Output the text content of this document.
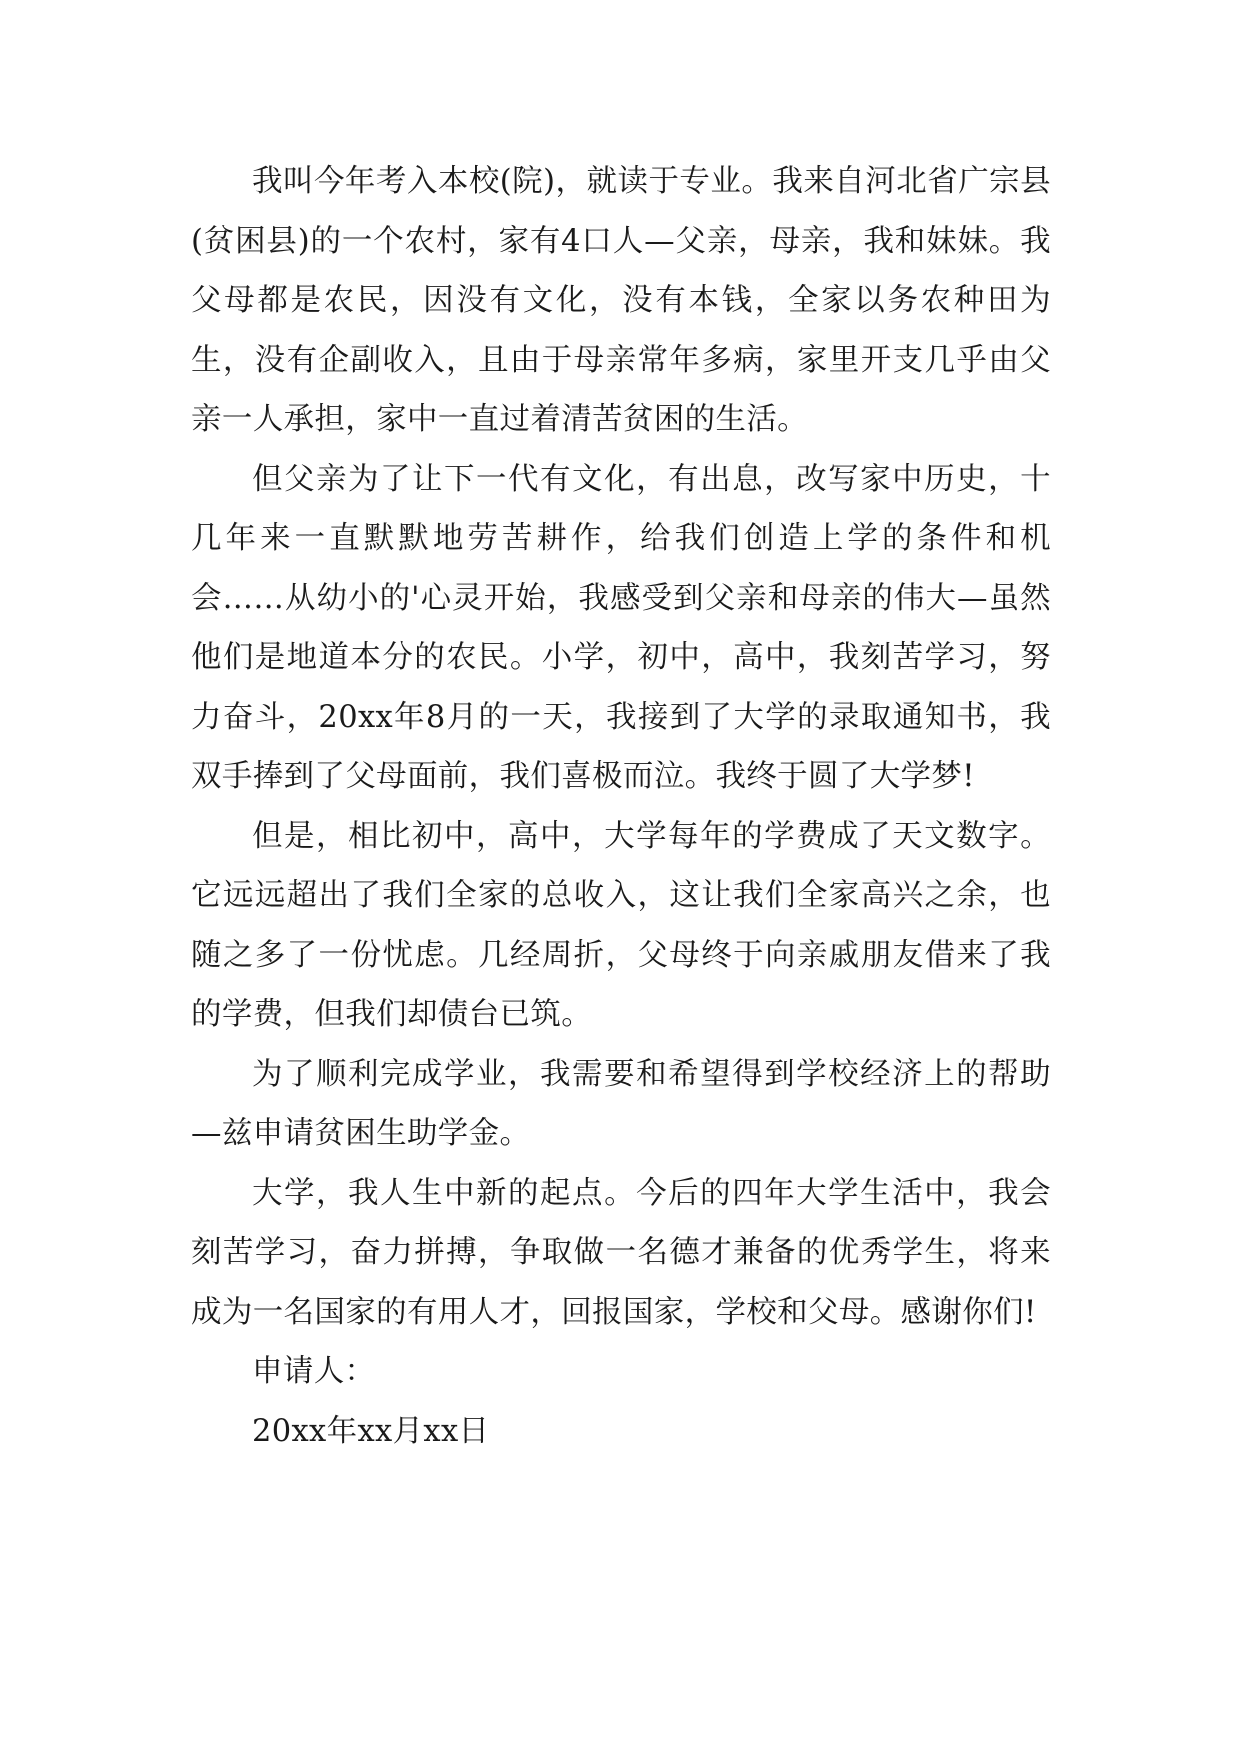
我叫今年考入本校(院)，就读于专业。我来自河北省广宗县(贫困县)的一个农村，家有4口人—父亲，母亲，我和妹妹。我父母都是农民，因没有文化，没有本钱，全家以务农种田为生，没有企副收入，且由于母亲常年多病，家里开支几乎由父亲一人承担，家中一直过着清苦贫困的生活。

但父亲为了让下一代有文化，有出息，改写家中历史，十几年来一直默默地劳苦耕作，给我们创造上学的条件和机会……从幼小的'心灵开始，我感受到父亲和母亲的伟大—虽然他们是地道本分的农民。小学，初中，高中，我刻苦学习，努力奋斗，20xx年8月的一天，我接到了大学的录取通知书，我双手捧到了父母面前，我们喜极而泣。我终于圆了大学梦!

但是，相比初中，高中，大学每年的学费成了天文数字。它远远超出了我们全家的总收入，这让我们全家高兴之余，也随之多了一份忧虑。几经周折，父母终于向亲戚朋友借来了我的学费，但我们却债台已筑。

为了顺利完成学业，我需要和希望得到学校经济上的帮助—兹申请贫困生助学金。

大学，我人生中新的起点。今后的四年大学生活中，我会刻苦学习，奋力拼搏，争取做一名德才兼备的优秀学生，将来成为一名国家的有用人才，回报国家，学校和父母。感谢你们!

申请人：

20xx年xx月xx日
